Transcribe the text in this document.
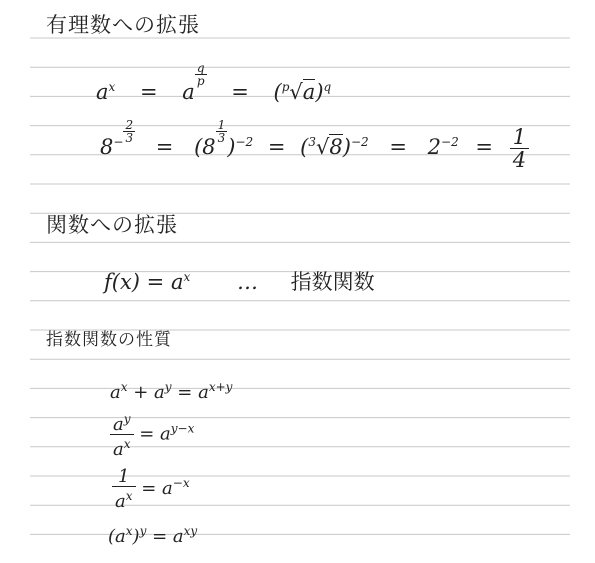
有理数への拡張
$a^x = a$
$\frac{q}{p}$
= $(^p√a)^q$
$8^- \frac{2}{3}$
= (8
$\frac{1}{3}$
)$^{-2} = (^3√8)^{-2} = 2^{-2} = \frac{1}{4}$
関数への拡張
$f(x) = a^x$ … 指数関数
指数関数の性質
$a^x + a^y = a^{x+y}$
$\frac{a^y}{a^x} = a^{y-x}$
$\frac{1}{a^x} = a^{-x}$
$(a^x)^y = a^{xy}$
